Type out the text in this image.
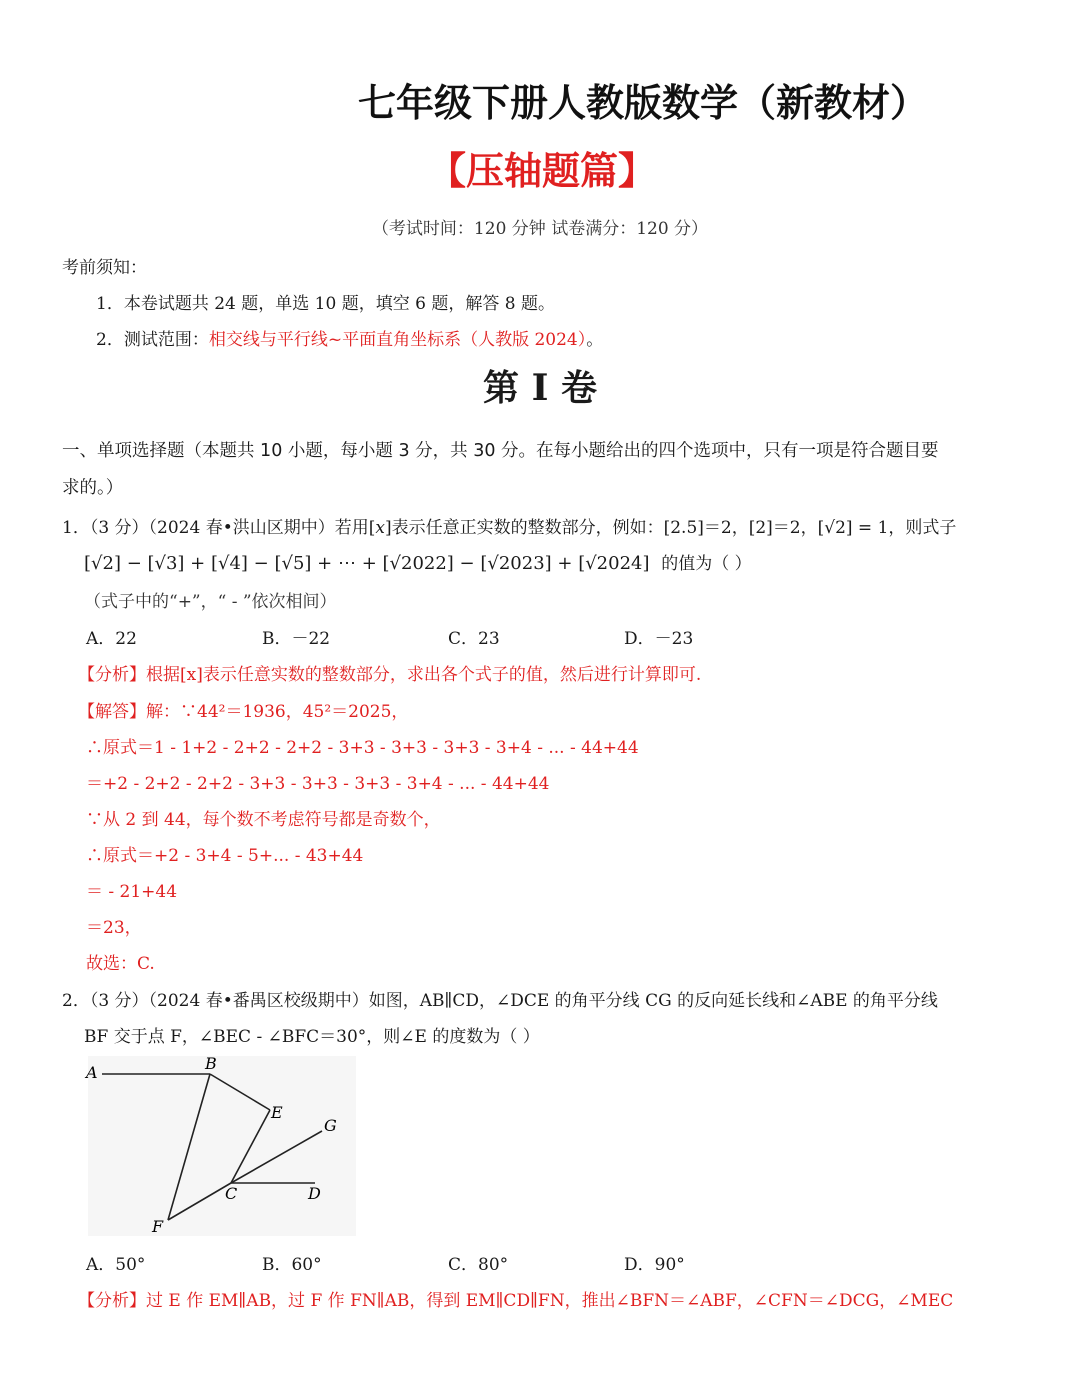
七年级下册人教版数学（新教材）
【压轴题篇】
（考试时间：120 分钟 试卷满分：120 分）
考前须知：
1．本卷试题共 24 题，单选 10 题，填空 6 题，解答 8 题。
2．测试范围：相交线与平行线~平面直角坐标系（人教版 2024）。
第 I 卷
一、单项选择题（本题共 10 小题，每小题 3 分，共 30 分。在每小题给出的四个选项中，只有一项是符合题目要
求的。）
1．（3 分）（2024 春•洪山区期中）若用[x]表示任意正实数的整数部分，例如：[2.5]＝2，[2]＝2，[√2] = 1，则式子
[√2] − [√3] + [√4] − [√5] + ⋯ + [√2022] − [√2023] + [√2024] 的值为（ ）
（式子中的“+”，“ - ”依次相间）
A．22	B．－22	C．23	D．－23
【分析】根据[x]表示任意实数的整数部分，求出各个式子的值，然后进行计算即可.
【解答】解：∵44²＝1936，45²＝2025，
∴原式＝1 - 1+2 - 2+2 - 2+2 - 3+3 - 3+3 - 3+3 - 3+4 - ... - 44+44
＝+2 - 2+2 - 2+2 - 3+3 - 3+3 - 3+3 - 3+4 - ... - 44+44
∵从 2 到 44，每个数不考虑符号都是奇数个，
∴原式＝+2 - 3+4 - 5+... - 43+44
＝ - 21+44
＝23，
故选：C.
2．（3 分）（2024 春•番禺区校级期中）如图，AB∥CD，∠DCE 的角平分线 CG 的反向延长线和∠ABE 的角平分线
BF 交于点 F，∠BEC - ∠BFC＝30°，则∠E 的度数为（ ）
A	B
E
G
C	D
F
A．50°	B．60°	C．80°	D．90°
【分析】过 E 作 EM∥AB，过 F 作 FN∥AB，得到 EM∥CD∥FN，推出∠BFN＝∠ABF，∠CFN＝∠DCG，∠MEC
